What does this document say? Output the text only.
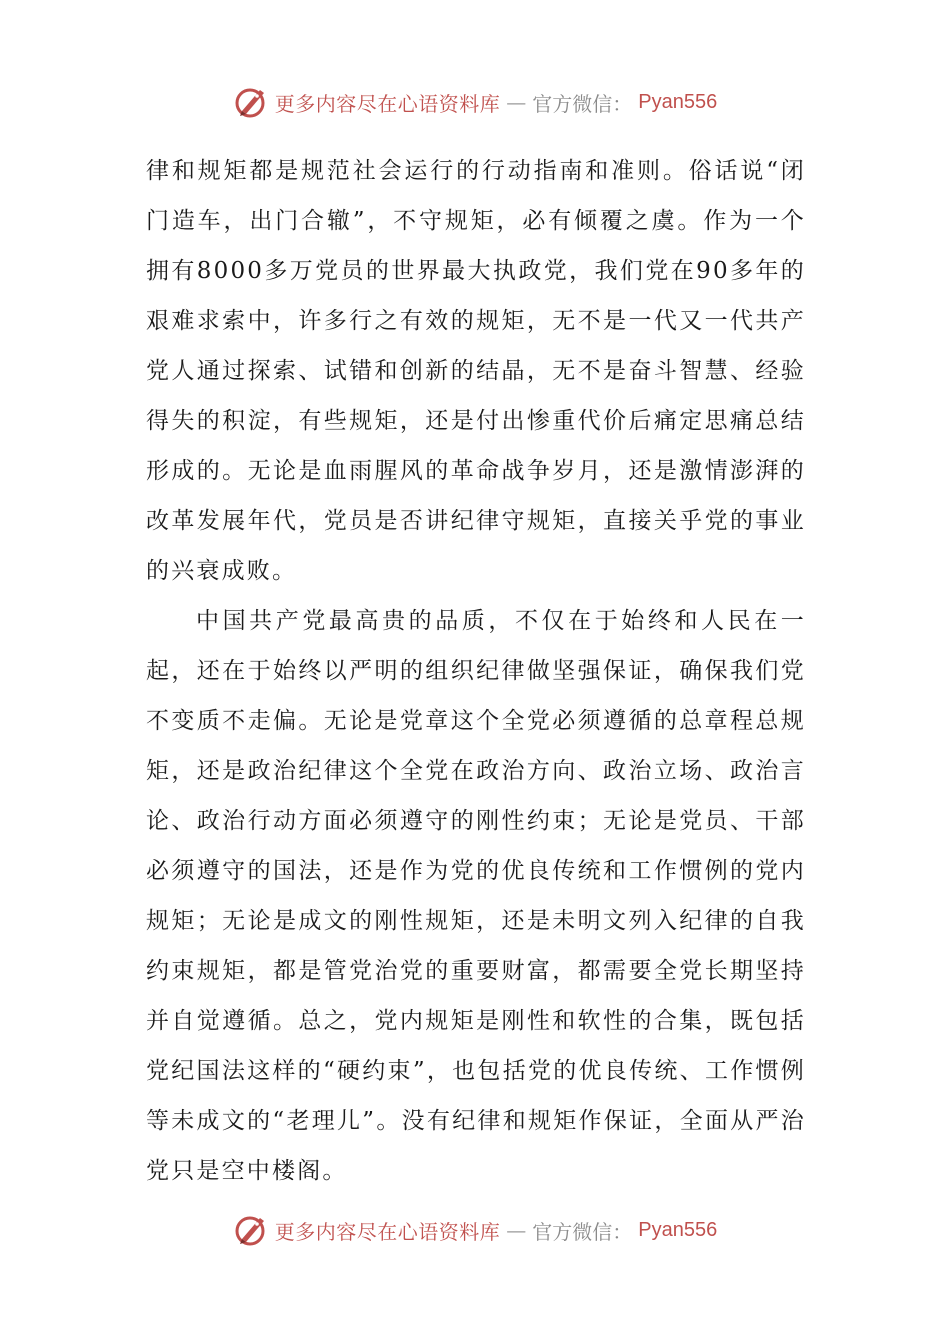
更多内容尽在心语资料库 — 官方微信： Pyan556

律和规矩都是规范社会运行的行动指南和准则。俗话说“闭门造车，出门合辙”，不守规矩，必有倾覆之虞。作为一个拥有8000多万党员的世界最大执政党，我们党在90多年的艰难求索中，许多行之有效的规矩，无不是一代又一代共产党人通过探索、试错和创新的结晶，无不是奋斗智慧、经验得失的积淀，有些规矩，还是付出惨重代价后痛定思痛总结形成的。无论是血雨腥风的革命战争岁月，还是激情澎湃的改革发展年代，党员是否讲纪律守规矩，直接关乎党的事业的兴衰成败。

中国共产党最高贵的品质，不仅在于始终和人民在一起，还在于始终以严明的组织纪律做坚强保证，确保我们党不变质不走偏。无论是党章这个全党必须遵循的总章程总规矩，还是政治纪律这个全党在政治方向、政治立场、政治言论、政治行动方面必须遵守的刚性约束；无论是党员、干部必须遵守的国法，还是作为党的优良传统和工作惯例的党内规矩；无论是成文的刚性规矩，还是未明文列入纪律的自我约束规矩，都是管党治党的重要财富，都需要全党长期坚持并自觉遵循。总之，党内规矩是刚性和软性的合集，既包括党纪国法这样的“硬约束”，也包括党的优良传统、工作惯例等未成文的“老理儿”。没有纪律和规矩作保证，全面从严治党只是空中楼阁。

更多内容尽在心语资料库 — 官方微信： Pyan556
